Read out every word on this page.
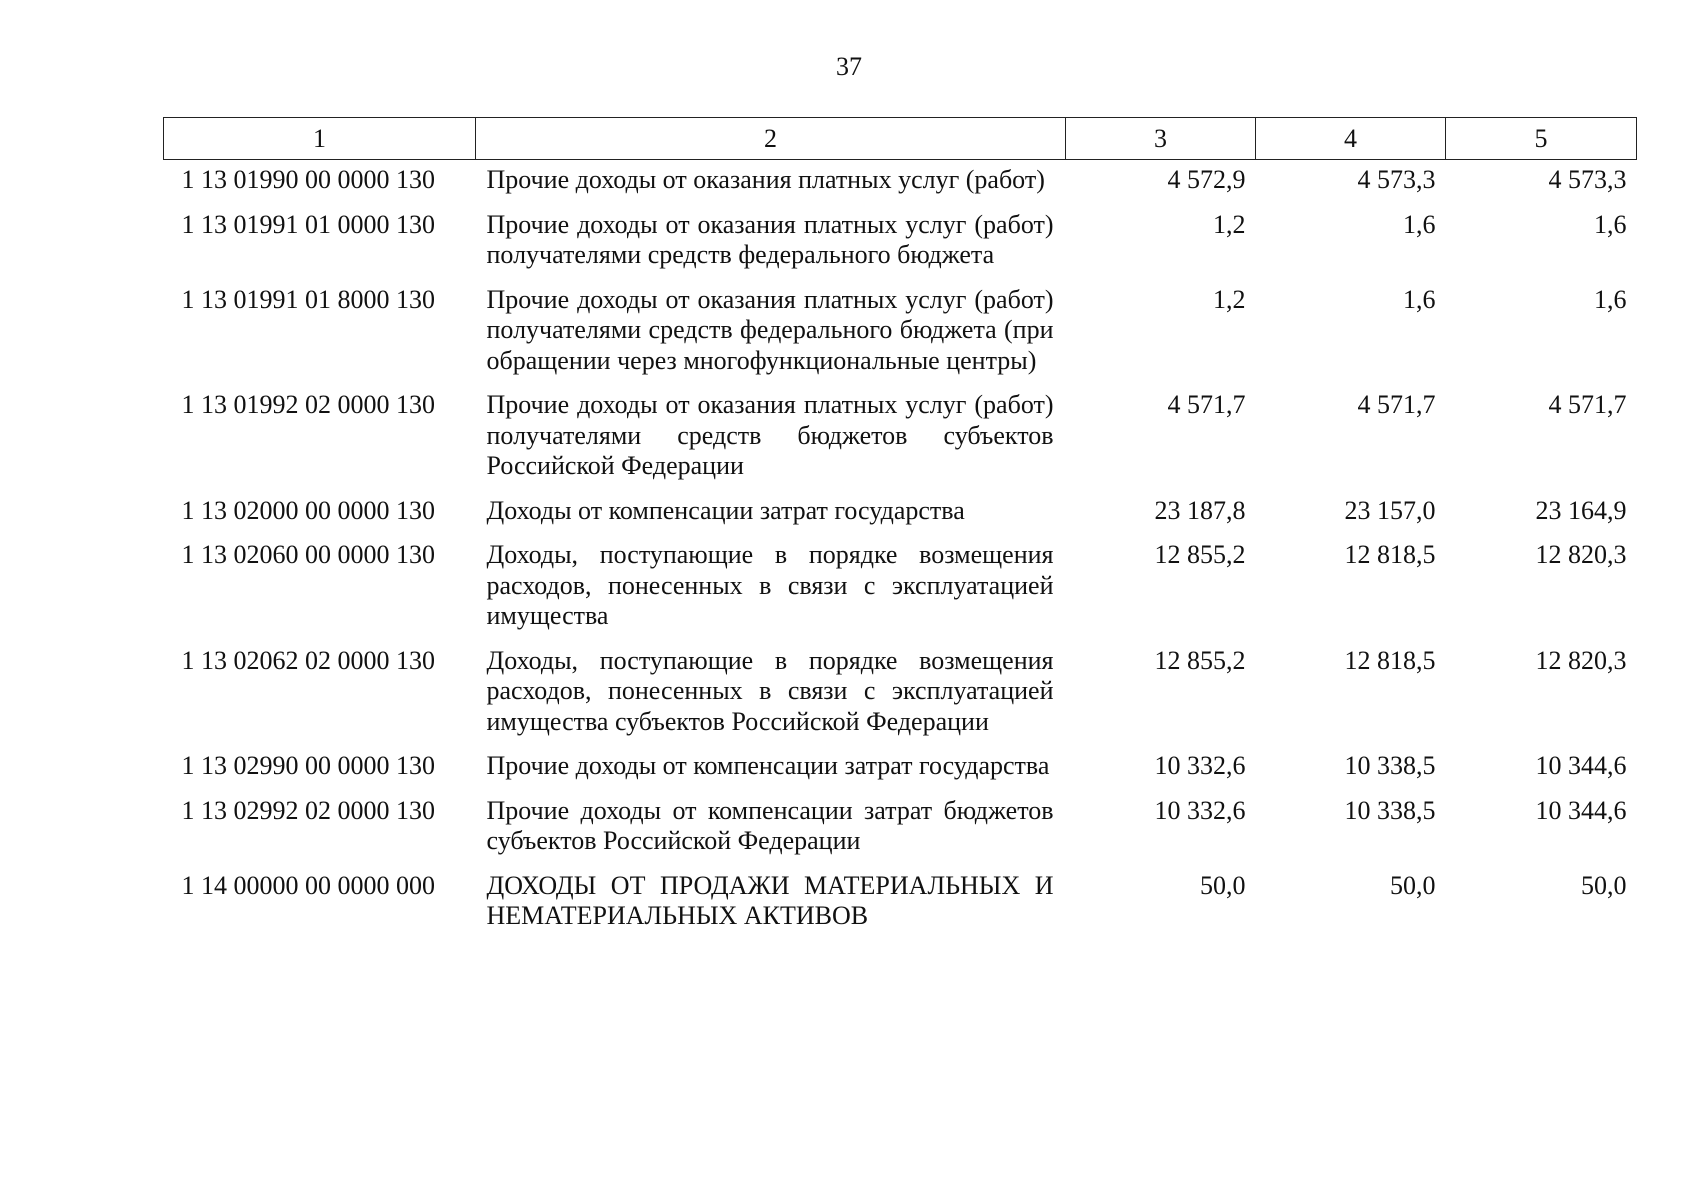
37
1	2	3	4	5
1 13 01990 00 0000 130	Прочие доходы от оказания платных услуг (работ)	4 572,9	4 573,3	4 573,3
1 13 01991 01 0000 130	Прочие доходы от оказания платных услуг (работ) получателями средств федерального бюджета	1,2	1,6	1,6
1 13 01991 01 8000 130	Прочие доходы от оказания платных услуг (работ) получателями средств федерального бюджета (при обращении через многофункциональные центры)	1,2	1,6	1,6
1 13 01992 02 0000 130	Прочие доходы от оказания платных услуг (работ) получателями средств бюджетов субъектов Российской Федерации	4 571,7	4 571,7	4 571,7
1 13 02000 00 0000 130	Доходы от компенсации затрат государства	23 187,8	23 157,0	23 164,9
1 13 02060 00 0000 130	Доходы, поступающие в порядке возмещения расходов, понесенных в связи с эксплуатацией имущества	12 855,2	12 818,5	12 820,3
1 13 02062 02 0000 130	Доходы, поступающие в порядке возмещения расходов, понесенных в связи с эксплуатацией имущества субъектов Российской Федерации	12 855,2	12 818,5	12 820,3
1 13 02990 00 0000 130	Прочие доходы от компенсации затрат государства	10 332,6	10 338,5	10 344,6
1 13 02992 02 0000 130	Прочие доходы от компенсации затрат бюджетов субъектов Российской Федерации	10 332,6	10 338,5	10 344,6
1 14 00000 00 0000 000	ДОХОДЫ ОТ ПРОДАЖИ МАТЕРИАЛЬНЫХ И НЕМАТЕРИАЛЬНЫХ АКТИВОВ	50,0	50,0	50,0
